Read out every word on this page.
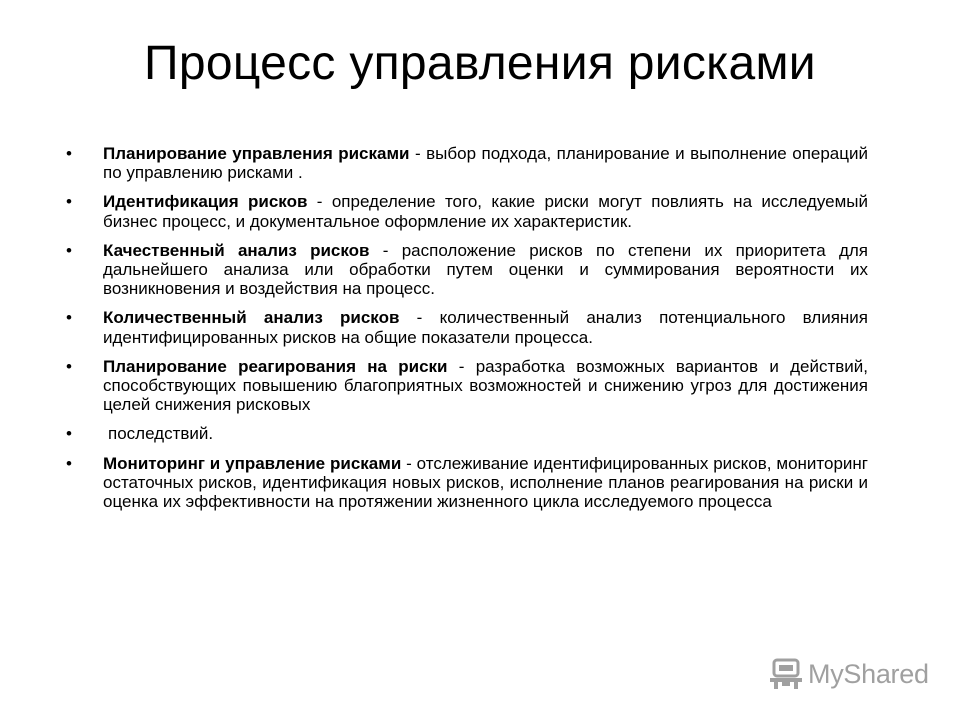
Процесс управления рисками
•	Планирование управления рисками - выбор подхода, планирование и выполнение операций по управлению рисками .
•	Идентификация рисков - определение того, какие риски могут повлиять на исследуемый бизнес процесс, и документальное оформление их характеристик.
•	Качественный анализ рисков - расположение рисков по степени их приоритета для дальнейшего анализа или обработки путем оценки и суммирования вероятности их возникновения и воздействия на процесс.
•	Количественный анализ рисков - количественный анализ потенциального влияния идентифицированных рисков на общие показатели процесса.
•	Планирование реагирования на риски - разработка возможных вариантов и действий, способствующих повышению благоприятных возможностей и снижению угроз для достижения целей снижения рисковых
•	последствий.
•	Мониторинг и управление рисками - отслеживание идентифицированных рисков, мониторинг остаточных рисков, идентификация новых рисков, исполнение планов реагирования на риски и оценка их эффективности на протяжении жизненного цикла исследуемого процесса
MyShared
